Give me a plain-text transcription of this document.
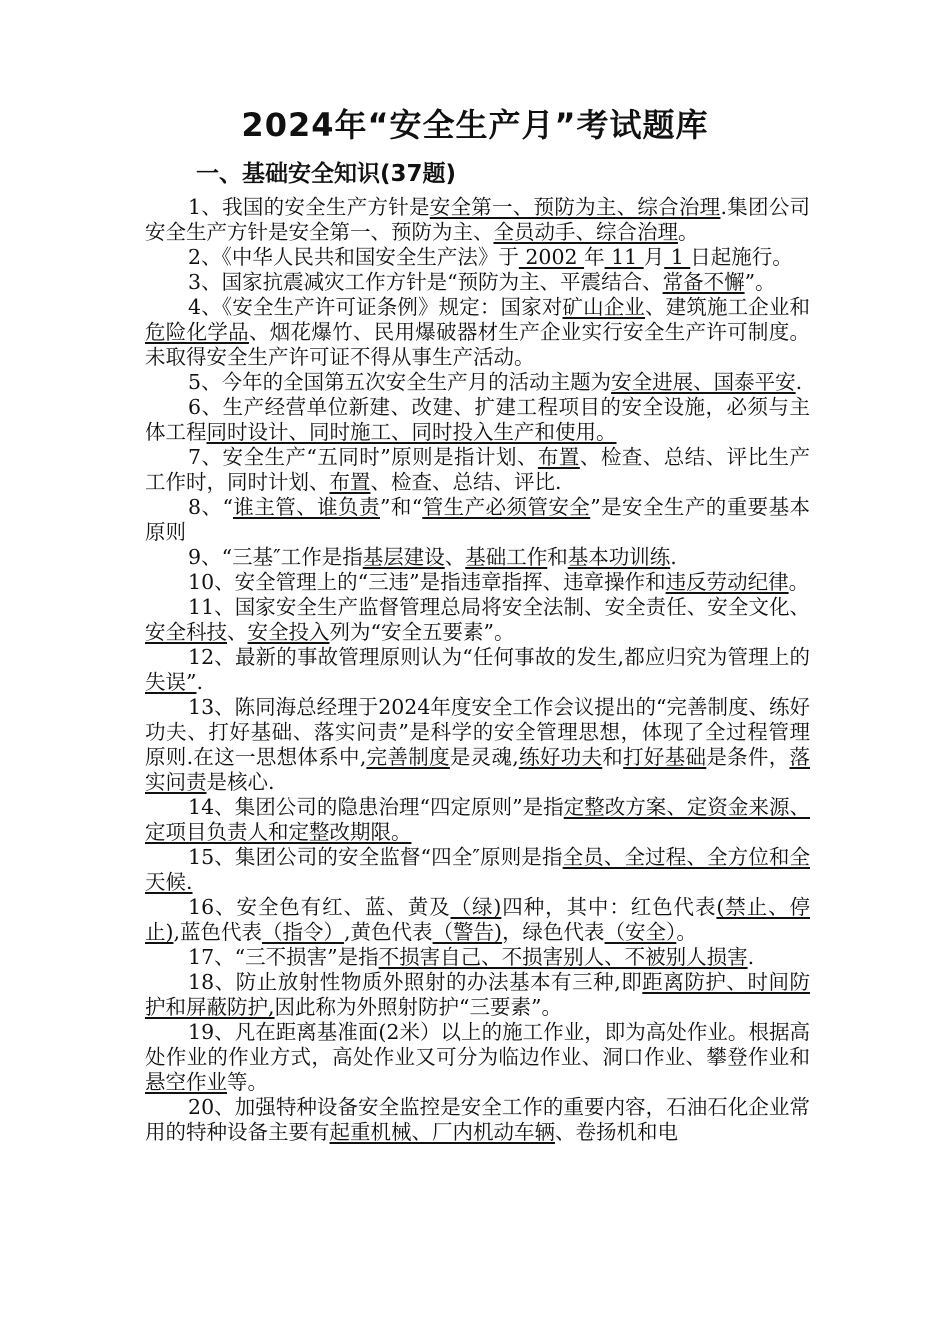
2024年“安全生产月”考试题库
一、基础安全知识(37题)

1、我国的安全生产方针是安全第一、预防为主、综合治理.集团公司安全生产方针是安全第一、预防为主、全员动手、综合治理。

2、《中华人民共和国安全生产法》于 2002 年 11 月 1 日起施行。

3、国家抗震减灾工作方针是“预防为主、平震结合、常备不懈”。

4、《安全生产许可证条例》规定：国家对矿山企业、建筑施工企业和危险化学品、烟花爆竹、民用爆破器材生产企业实行安全生产许可制度。未取得安全生产许可证不得从事生产活动。

5、今年的全国第五次安全生产月的活动主题为安全进展、国泰平安.

6、生产经营单位新建、改建、扩建工程项目的安全设施，必须与主体工程同时设计、同时施工、同时投入生产和使用。

7、安全生产“五同时”原则是指计划、布置、检查、总结、评比生产工作时，同时计划、布置、检查、总结、评比.

8、“谁主管、谁负责”和“管生产必须管安全”是安全生产的重要基本原则

9、“三基″工作是指基层建设、基础工作和基本功训练.

10、安全管理上的“三违”是指违章指挥、违章操作和违反劳动纪律。

11、国家安全生产监督管理总局将安全法制、安全责任、安全文化、安全科技、安全投入列为“安全五要素”。

12、最新的事故管理原则认为“任何事故的发生,都应归究为管理上的失误”.

13、陈同海总经理于2024年度安全工作会议提出的“完善制度、练好功夫、打好基础、落实问责”是科学的安全管理思想，体现了全过程管理原则.在这一思想体系中,完善制度是灵魂,练好功夫和打好基础是条件，落实问责是核心.

14、集团公司的隐患治理“四定原则”是指定整改方案、定资金来源、定项目负责人和定整改期限。

15、集团公司的安全监督“四全″原则是指全员、全过程、全方位和全天候.

16、安全色有红、蓝、黄及（绿)四种，其中：红色代表(禁止、停止),蓝色代表（指令）,黄色代表（警告)，绿色代表（安全）。

17、“三不损害”是指不损害自己、不损害别人、不被别人损害.

18、防止放射性物质外照射的办法基本有三种,即距离防护、时间防护和屏蔽防护,因此称为外照射防护“三要素”。

19、凡在距离基准面(2米）以上的施工作业，即为高处作业。根据高处作业的作业方式，高处作业又可分为临边作业、洞口作业、攀登作业和悬空作业等。

20、加强特种设备安全监控是安全工作的重要内容，石油石化企业常用的特种设备主要有起重机械、厂内机动车辆、卷扬机和电
